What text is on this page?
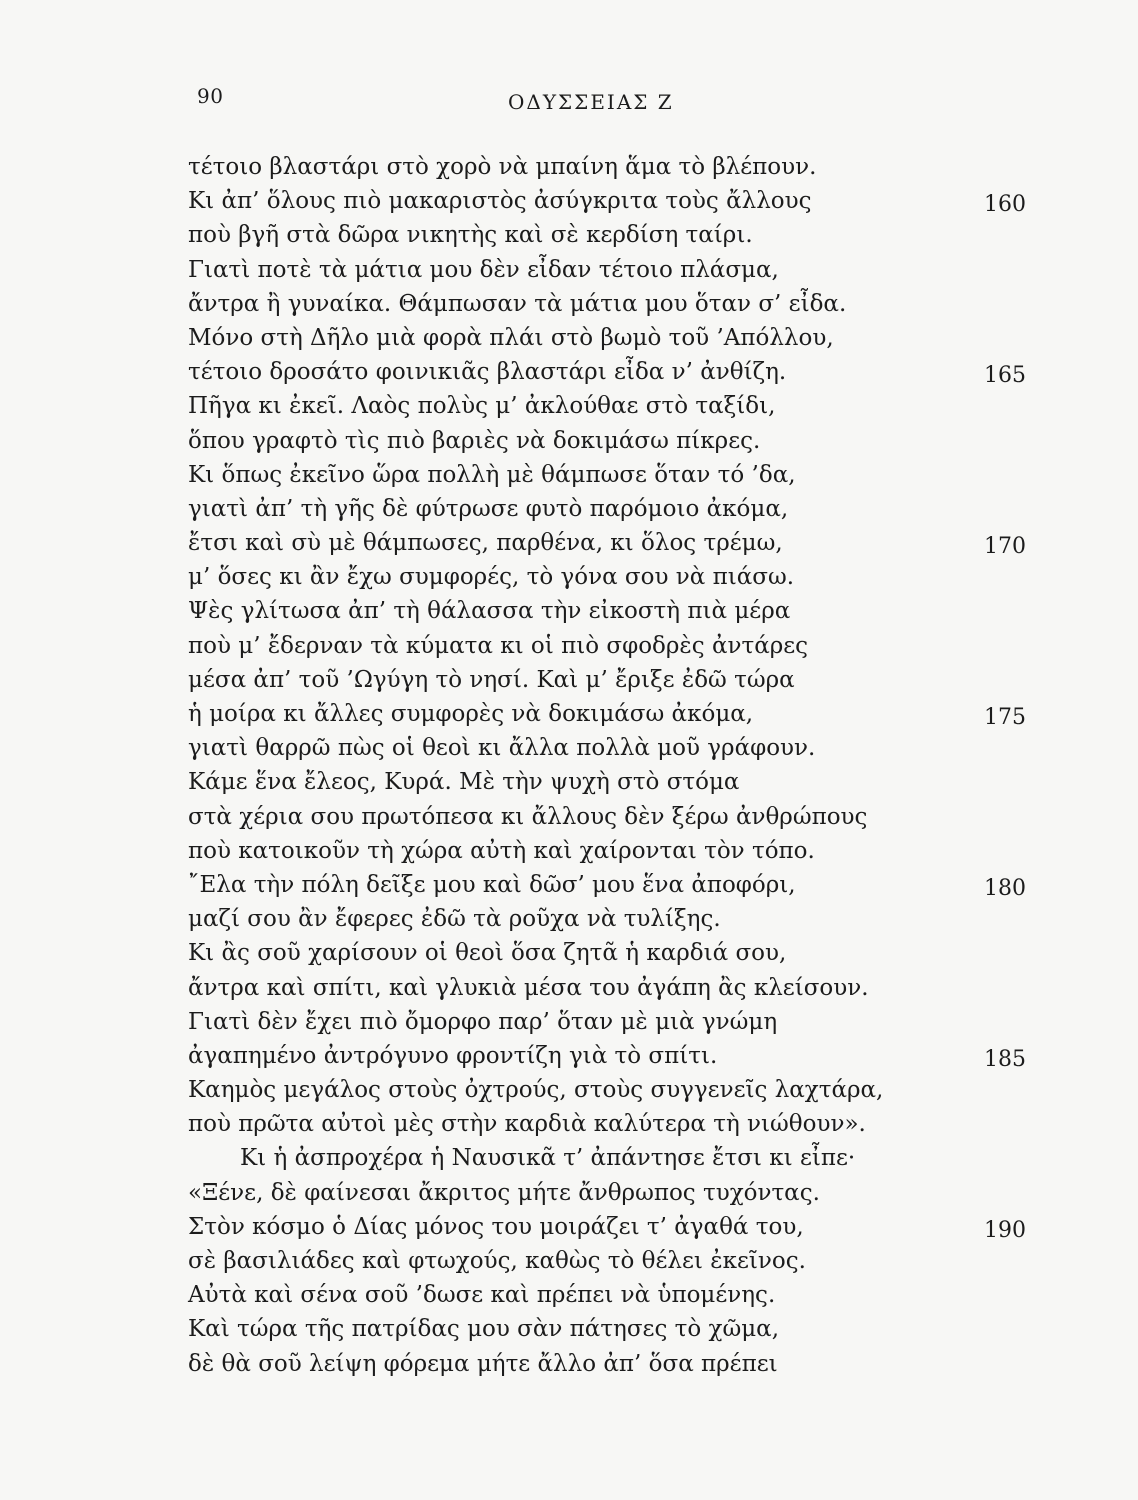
90	ΟΔΥΣΣΕΙΑΣ Ζ
τέτοιο βλαστάρι στὸ χορὸ νὰ μπαίνη ἅμα τὸ βλέπουν.
Κι ἀπ’ ὅλους πιὸ μακαριστὸς ἀσύγκριτα τοὺς ἄλλους	160
ποὺ βγῆ στὰ δῶρα νικητὴς καὶ σὲ κερδίση ταίρι.
Γιατὶ ποτὲ τὰ μάτια μου δὲν εἶδαν τέτοιο πλάσμα,
ἄντρα ἢ γυναίκα. Θάμπωσαν τὰ μάτια μου ὅταν σ’ εἶδα.
Μόνο στὴ Δῆλο μιὰ φορὰ πλάι στὸ βωμὸ τοῦ ’Απόλλου,
τέτοιο δροσάτο φοινικιᾶς βλαστάρι εἶδα ν’ ἀνθίζη.	165
Πῆγα κι ἐκεῖ. Λαὸς πολὺς μ’ ἀκλούθαε στὸ ταξίδι,
ὅπου γραφτὸ τὶς πιὸ βαριὲς νὰ δοκιμάσω πίκρες.
Κι ὅπως ἐκεῖνο ὥρα πολλὴ μὲ θάμπωσε ὅταν τό ’δα,
γιατὶ ἀπ’ τὴ γῆς δὲ φύτρωσε φυτὸ παρόμοιο ἀκόμα,
ἔτσι καὶ σὺ μὲ θάμπωσες, παρθένα, κι ὅλος τρέμω,	170
μ’ ὅσες κι ἂν ἔχω συμφορές, τὸ γόνα σου νὰ πιάσω.
Ψὲς γλίτωσα ἀπ’ τὴ θάλασσα τὴν εἰκοστὴ πιὰ μέρα
ποὺ μ’ ἔδερναν τὰ κύματα κι οἱ πιὸ σφοδρὲς ἀντάρες
μέσα ἀπ’ τοῦ ’Ωγύγη τὸ νησί. Καὶ μ’ ἔριξε ἐδῶ τώρα
ἡ μοίρα κι ἄλλες συμφορὲς νὰ δοκιμάσω ἀκόμα,	175
γιατὶ θαρρῶ πὼς οἱ θεοὶ κι ἄλλα πολλὰ μοῦ γράφουν.
Κάμε ἕνα ἔλεος, Κυρά. Μὲ τὴν ψυχὴ στὸ στόμα
στὰ χέρια σου πρωτόπεσα κι ἄλλους δὲν ξέρω ἀνθρώπους
ποὺ κατοικοῦν τὴ χώρα αὐτὴ καὶ χαίρονται τὸν τόπο.
῎Ελα τὴν πόλη δεῖξε μου καὶ δῶσ’ μου ἕνα ἀποφόρι,	180
μαζί σου ἂν ἔφερες ἐδῶ τὰ ροῦχα νὰ τυλίξης.
Κι ἂς σοῦ χαρίσουν οἱ θεοὶ ὅσα ζητᾶ ἡ καρδιά σου,
ἄντρα καὶ σπίτι, καὶ γλυκιὰ μέσα του ἀγάπη ἂς κλείσουν.
Γιατὶ δὲν ἔχει πιὸ ὄμορφο παρ’ ὅταν μὲ μιὰ γνώμη
ἀγαπημένο ἀντρόγυνο φροντίζη γιὰ τὸ σπίτι.	185
Καημὸς μεγάλος στοὺς ὀχτρούς, στοὺς συγγενεῖς λαχτάρα,
ποὺ πρῶτα αὐτοὶ μὲς στὴν καρδιὰ καλύτερα τὴ νιώθουν».
Κι ἡ ἀσπροχέρα ἡ Ναυσικᾶ τ’ ἀπάντησε ἔτσι κι εἶπε·
«Ξένε, δὲ φαίνεσαι ἄκριτος μήτε ἄνθρωπος τυχόντας.
Στὸν κόσμο ὁ Δίας μόνος του μοιράζει τ’ ἀγαθά του,	190
σὲ βασιλιάδες καὶ φτωχούς, καθὼς τὸ θέλει ἐκεῖνος.
Αὐτὰ καὶ σένα σοῦ ’δωσε καὶ πρέπει νὰ ὑπομένης.
Καὶ τώρα τῆς πατρίδας μου σὰν πάτησες τὸ χῶμα,
δὲ θὰ σοῦ λείψη φόρεμα μήτε ἄλλο ἀπ’ ὅσα πρέπει
